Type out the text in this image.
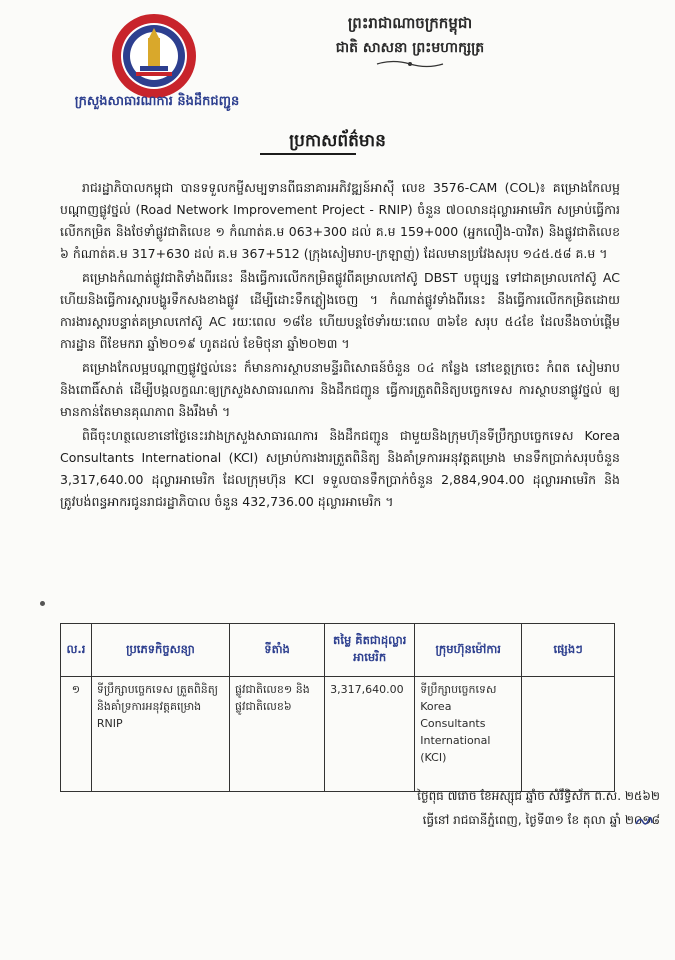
ក្រសួងសាធារណការ និងដឹកជញ្ជូន
ព្រះរាជាណាចក្រកម្ពុជា
ជាតិ សាសនា ព្រះមហាក្សត្រ
ប្រកាសព័ត៌មាន

រាជរដ្ឋាភិបាលកម្ពុជា បានទទួលកម្ចីសម្បទានពីធនាគារអភិវឌ្ឍន៍អាស៊ី លេខ 3576-CAM (COL)៖ គម្រោងកែលម្អបណ្តាញផ្លូវថ្នល់ (Road Network Improvement Project - RNIP) ចំនួន ៧០លានដុល្លារអាមេរិក សម្រាប់ធ្វើការលើកកម្រិត និងថែទាំផ្លូវជាតិលេខ ១ កំណាត់គ.ម 063+300 ដល់ គ.ម 159+000 (អ្នកលឿង-បាវិត) និងផ្លូវជាតិលេខ ៦ កំណាត់គ.ម 317+630 ដល់ គ.ម 367+512 (ក្រុងសៀមរាប-ក្រឡាញ់) ដែលមានប្រវែងសរុប ១៤៥.៥៨ គ.ម ។

គម្រោងកំណាត់ផ្លូវជាតិទាំងពីរនេះ នឹងធ្វើការលើកកម្រិតផ្លូវពីគម្រាលកៅស៊ូ DBST បច្ចុប្បន្ន ទៅជាគម្រាលកៅស៊ូ AC ហើយនិងធ្វើការស្តារបង្ហូរទឹកសងខាងផ្លូវ ដើម្បីដោះទឹកភ្លៀងចេញ ។ កំណាត់ផ្លូវទាំងពីរនេះ នឹងធ្វើការលើកកម្រិតដោយការងារស្តារបន្ទាត់គម្រាលកៅស៊ូ AC រយៈពេល ១៨ខែ ហើយបន្តថែទាំរយៈពេល ៣៦ខែ សរុប ៥៤ខែ ដែលនឹងចាប់ផ្តើមការដ្ឋាន ពីខែមករា ឆ្នាំ២០១៩ ហូតដល់ ខែមិថុនា ឆ្នាំ២០២៣ ។

គម្រោងកែលម្អបណ្តាញផ្លូវថ្នល់នេះ ក៏មានការស្ថាបនាមន្ទីរពិសោធន៍ចំនួន ០៤ កន្លែង នៅខេត្តក្រចេះ កំពត សៀមរាប និងពោធិ៍សាត់ ដើម្បីបង្កលក្ខណៈឲ្យក្រសួងសាធារណការ និងដឹកជញ្ជូន ធ្វើការត្រួតពិនិត្យបច្ចេកទេស ការស្ថាបនាផ្លូវថ្នល់ ឲ្យមានកាន់តែមានគុណភាព និងរឹងមាំ ។

ពិធីចុះហត្ថលេខានៅថ្ងៃនេះរវាងក្រសួងសាធារណការ និងដឹកជញ្ជូន ជាមួយនិងក្រុមហ៊ុនទីប្រឹក្សាបច្ចេកទេស Korea Consultants International (KCI) សម្រាប់ការងារត្រួតពិនិត្យ និងគាំទ្រការអនុវត្តគម្រោង មានទឹកប្រាក់សរុបចំនួន 3,317,640.00 ដុល្លារអាមេរិក ដែលក្រុមហ៊ុន KCI ទទួលបានទឹកប្រាក់ចំនួន 2,884,904.00 ដុល្លារអាមេរិក និងត្រូវបង់ពន្ធអាករជូនរាជរដ្ឋាភិបាល ចំនួន 432,736.00 ដុល្លារអាមេរិក ។

ល.រ	ប្រភេទកិច្ចសន្យា	ទីតាំង	តម្លៃ គិតជាដុល្លារអាមេរិក	ក្រុមហ៊ុនម៉ៅការ	ផ្សេងៗ
១	ទីប្រឹក្សាបច្ចេកទេស ត្រួតពិនិត្យ និងគាំទ្រការអនុវត្តគម្រោង RNIP	ផ្លូវជាតិលេខ១ និងផ្លូវជាតិលេខ៦	3,317,640.00	ទីប្រឹក្សាបច្ចេកទេស Korea Consultants International (KCI)	
ថ្ងៃពុធ ៧រោច ខែអស្សុជ ឆ្នាំច សំរឹទ្ធិស័ក ព.ស. ២៥៦២
ធ្វើនៅ រាជធានីភ្នំពេញ, ថ្ងៃទី៣១ ខែ តុលា ឆ្នាំ ២០១៨
